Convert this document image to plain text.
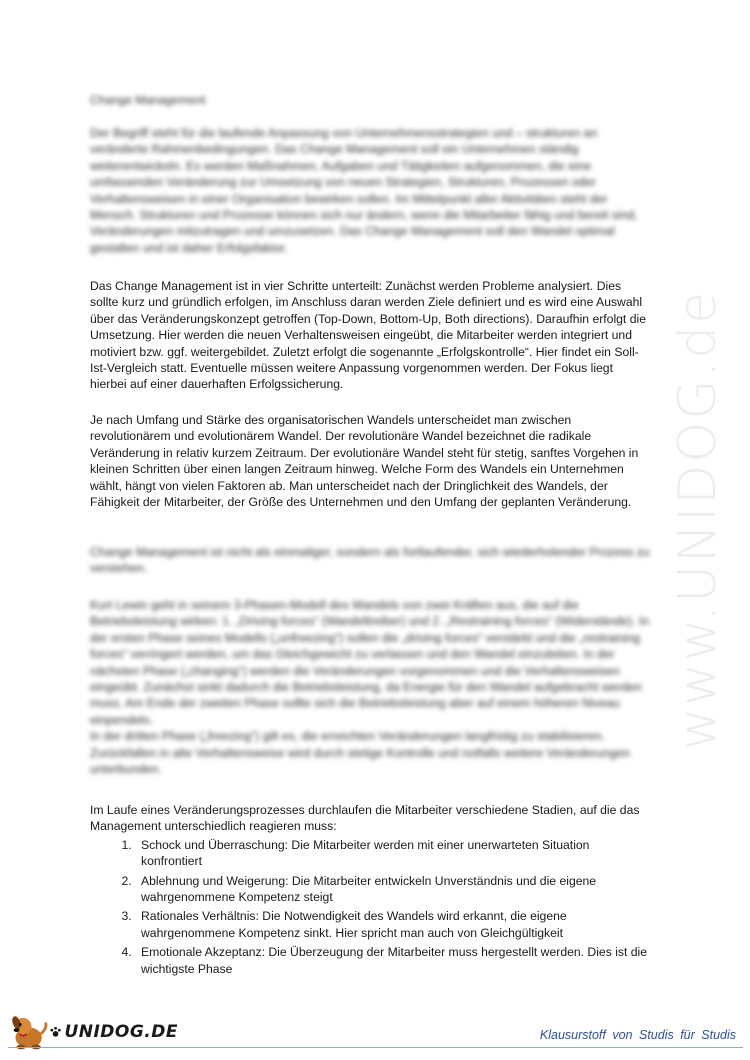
www.UNIDOG.de

Change Management

Der Begriff steht für die laufende Anpassung von Unternehmensstrategien und – strukturen an veränderte Rahmenbedingungen. Das Change Management soll ein Unternehmen ständig weiterentwickeln. Es werden Maßnahmen, Aufgaben und Tätigkeiten aufgenommen, die eine umfassenden Veränderung zur Umsetzung von neuen Strategien, Strukturen, Prozessen oder Verhaltensweisen in einer Organisation bewirken sollen. Im Mittelpunkt aller Aktivitäten steht der Mensch. Strukturen und Prozesse können sich nur ändern, wenn die Mitarbeiter fähig und bereit sind, Veränderungen mitzutragen und umzusetzen. Das Change Management soll den Wandel optimal gestalten und ist daher Erfolgsfaktor.

Das Change Management ist in vier Schritte unterteilt: Zunächst werden Probleme analysiert. Dies sollte kurz und gründlich erfolgen, im Anschluss daran werden Ziele definiert und es wird eine Auswahl über das Veränderungskonzept getroffen (Top-Down, Bottom-Up, Both directions). Daraufhin erfolgt die Umsetzung. Hier werden die neuen Verhaltensweisen eingeübt, die Mitarbeiter werden integriert und motiviert bzw. ggf. weitergebildet. Zuletzt erfolgt die sogenannte „Erfolgskontrolle“. Hier findet ein Soll-Ist-Vergleich statt. Eventuelle müssen weitere Anpassung vorgenommen werden. Der Fokus liegt hierbei auf einer dauerhaften Erfolgssicherung.

Je nach Umfang und Stärke des organisatorischen Wandels unterscheidet man zwischen revolutionärem und evolutionärem Wandel. Der revolutionäre Wandel bezeichnet die radikale Veränderung in relativ kurzem Zeitraum. Der evolutionäre Wandel steht für stetig, sanftes Vorgehen in kleinen Schritten über einen langen Zeitraum hinweg. Welche Form des Wandels ein Unternehmen wählt, hängt von vielen Faktoren ab. Man unterscheidet nach der Dringlichkeit des Wandels, der Fähigkeit der Mitarbeiter, der Größe des Unternehmen und den Umfang der geplanten Veränderung.

Change Management ist nicht als einmaliger, sondern als fortlaufender, sich wiederholender Prozess zu verstehen.

Kurt Lewin geht in seinem 3-Phasen-Modell des Wandels von zwei Kräften aus, die auf die Betriebsleistung wirken: 1. „Driving forces“ (Wandeltreiber) und 2. „Restraining forces“ (Widerstände). In der ersten Phase seines Modells („unfreezing“) sollen die „driving forces“ verstärkt und die „restraining forces“ verringert werden, um das Gleichgewicht zu verlassen und den Wandel einzuleiten. In der nächsten Phase („changing“) werden die Veränderungen vorgenommen und die Verhaltensweisen eingeübt. Zunächst sinkt dadurch die Betriebsleistung, da Energie für den Wandel aufgebracht werden muss. Am Ende der zweiten Phase sollte sich die Betriebsleistung aber auf einem höheren Niveau einpendeln.
In der dritten Phase („freezing“) gilt es, die erreichten Veränderungen langfristig zu stabilisieren. Zurückfallen in alte Verhaltensweise wird durch stetige Kontrolle und notfalls weitere Veränderungen unterbunden.
Im Laufe eines Veränderungsprozesses durchlaufen die Mitarbeiter verschiedene Stadien, auf die das Management unterschiedlich reagieren muss:
1. Schock und Überraschung: Die Mitarbeiter werden mit einer unerwarteten Situation konfrontiert
2. Ablehnung und Weigerung: Die Mitarbeiter entwickeln Unverständnis und die eigene wahrgenommene Kompetenz steigt
3. Rationales Verhältnis: Die Notwendigkeit des Wandels wird erkannt, die eigene wahrgenommene Kompetenz sinkt. Hier spricht man auch von Gleichgültigkeit
4. Emotionale Akzeptanz: Die Überzeugung der Mitarbeiter muss hergestellt werden. Dies ist die wichtigste Phase
UNIDOG.DE	Klausurstoff von Studis für Studis
